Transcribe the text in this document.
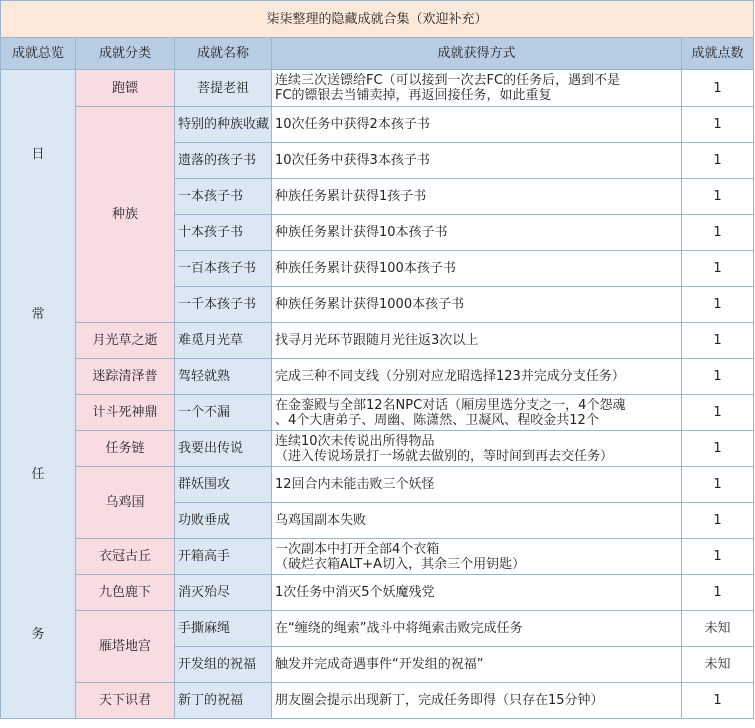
柒柒整理的隐藏成就合集（欢迎补充）				
成就总览	成就分类	成就名称	成就获得方式	成就点数

日
常
任
务	跑镖	菩提老祖	连续三次送镖给FC（可以接到一次去FC的任务后，遇到不是
FC的镖银去当铺卖掉，再返回接任务，如此重复	1
	种族	特别的种族收藏	10次任务中获得2本孩子书	1
		遗落的孩子书	10次任务中获得3本孩子书	1
		一本孩子书	种族任务累计获得1孩子书	1
		十本孩子书	种族任务累计获得10本孩子书	1
		一百本孩子书	种族任务累计获得100本孩子书	1
		一千本孩子书	种族任务累计获得1000本孩子书	1
	月光草之逝	难觅月光草	找寻月光环节跟随月光往返3次以上	1
	迷踪清泽普	驾轻就熟	完成三种不同支线（分别对应龙昭选择123并完成分支任务）	1
	计斗死神鼎	一个不漏	在金銮殿与全部12名NPC对话（厢房里选分支之一，4个怨魂
、4个大唐弟子、周幽、陈潇然、卫凝风、程咬金共12个	1
	任务链	我要出传说	连续10次未传说出所得物品
（进入传说场景打一场就去做别的，等时间到再去交任务）	1
	乌鸡国	群妖围攻	12回合内未能击败三个妖怪	1
		功败垂成	乌鸡国副本失败	1
	衣冠古丘	开箱高手	一次副本中打开全部4个衣箱
（破烂衣箱ALT+A切入，其余三个用钥匙）	1
	九色鹿下	消灭殆尽	1次任务中消灭5个妖魔残党	1
	雁塔地宫	手撕麻绳	在“缠绕的绳索”战斗中将绳索击败完成任务	未知
		开发组的祝福	触发并完成奇遇事件“开发组的祝福”	未知
	天下识君	新丁的祝福	朋友圈会提示出现新丁，完成任务即得（只存在15分钟）	1
